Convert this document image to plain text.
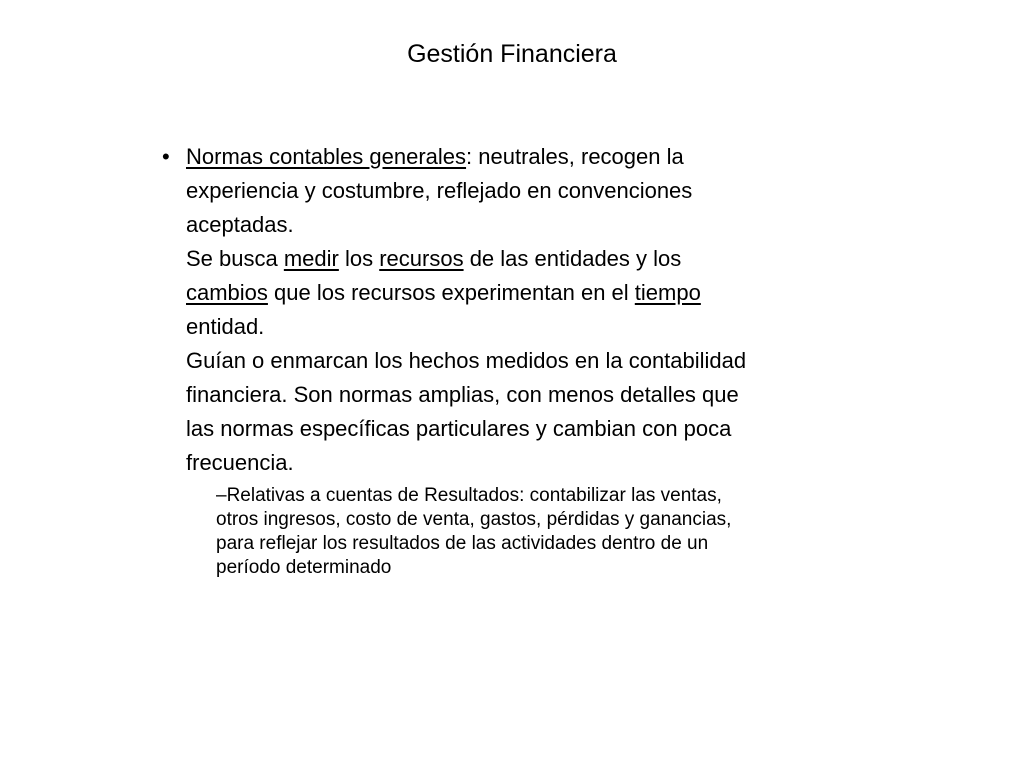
Gestión Financiera
• Normas contables generales: neutrales, recogen la
experiencia y costumbre, reflejado en convenciones
aceptadas.
Se busca medir los recursos de las entidades y los
cambios que los recursos experimentan en el tiempo
entidad.
Guían o enmarcan los hechos medidos en la contabilidad
financiera. Son normas amplias, con menos detalles que
las normas específicas particulares y cambian con poca
frecuencia.
–Relativas a cuentas de Resultados: contabilizar las ventas,
otros ingresos, costo de venta, gastos, pérdidas y ganancias,
para reflejar los resultados de las actividades dentro de un
período determinado
